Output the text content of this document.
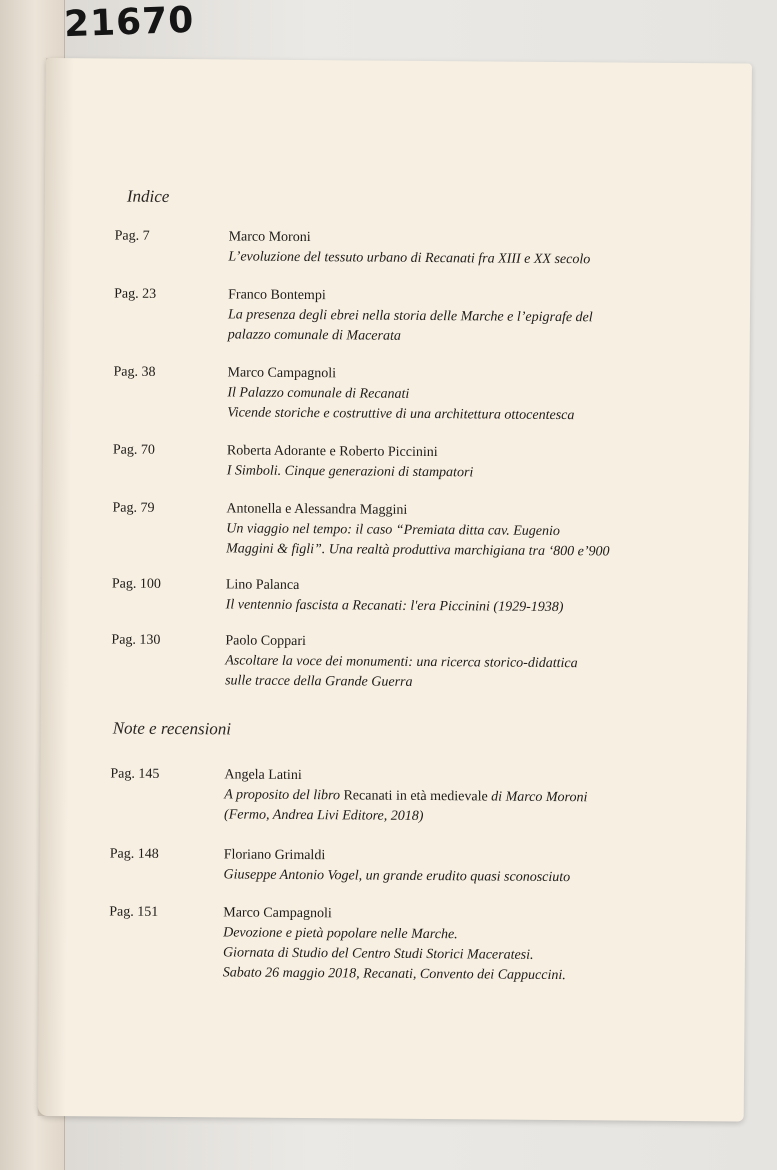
21670
Indice
Pag. 7	Marco Moroni
L’evoluzione del tessuto urbano di Recanati fra XIII e XX secolo
Pag. 23	Franco Bontempi
La presenza degli ebrei nella storia delle Marche e l’epigrafe del
palazzo comunale di Macerata
Pag. 38	Marco Campagnoli
Il Palazzo comunale di Recanati
Vicende storiche e costruttive di una architettura ottocentesca
Pag. 70	Roberta Adorante e Roberto Piccinini
I Simboli. Cinque generazioni di stampatori
Pag. 79	Antonella e Alessandra Maggini
Un viaggio nel tempo: il caso “Premiata ditta cav. Eugenio
Maggini & figli”. Una realtà produttiva marchigiana tra ‘800 e’900
Pag. 100	Lino Palanca
Il ventennio fascista a Recanati: l'era Piccinini (1929-1938)
Pag. 130	Paolo Coppari
Ascoltare la voce dei monumenti: una ricerca storico-didattica
sulle tracce della Grande Guerra
Note e recensioni
Pag. 145	Angela Latini
A proposito del libro Recanati in età medievale di Marco Moroni
(Fermo, Andrea Livi Editore, 2018)
Pag. 148	Floriano Grimaldi
Giuseppe Antonio Vogel, un grande erudito quasi sconosciuto
Pag. 151	Marco Campagnoli
Devozione e pietà popolare nelle Marche.
Giornata di Studio del Centro Studi Storici Maceratesi.
Sabato 26 maggio 2018, Recanati, Convento dei Cappuccini.
